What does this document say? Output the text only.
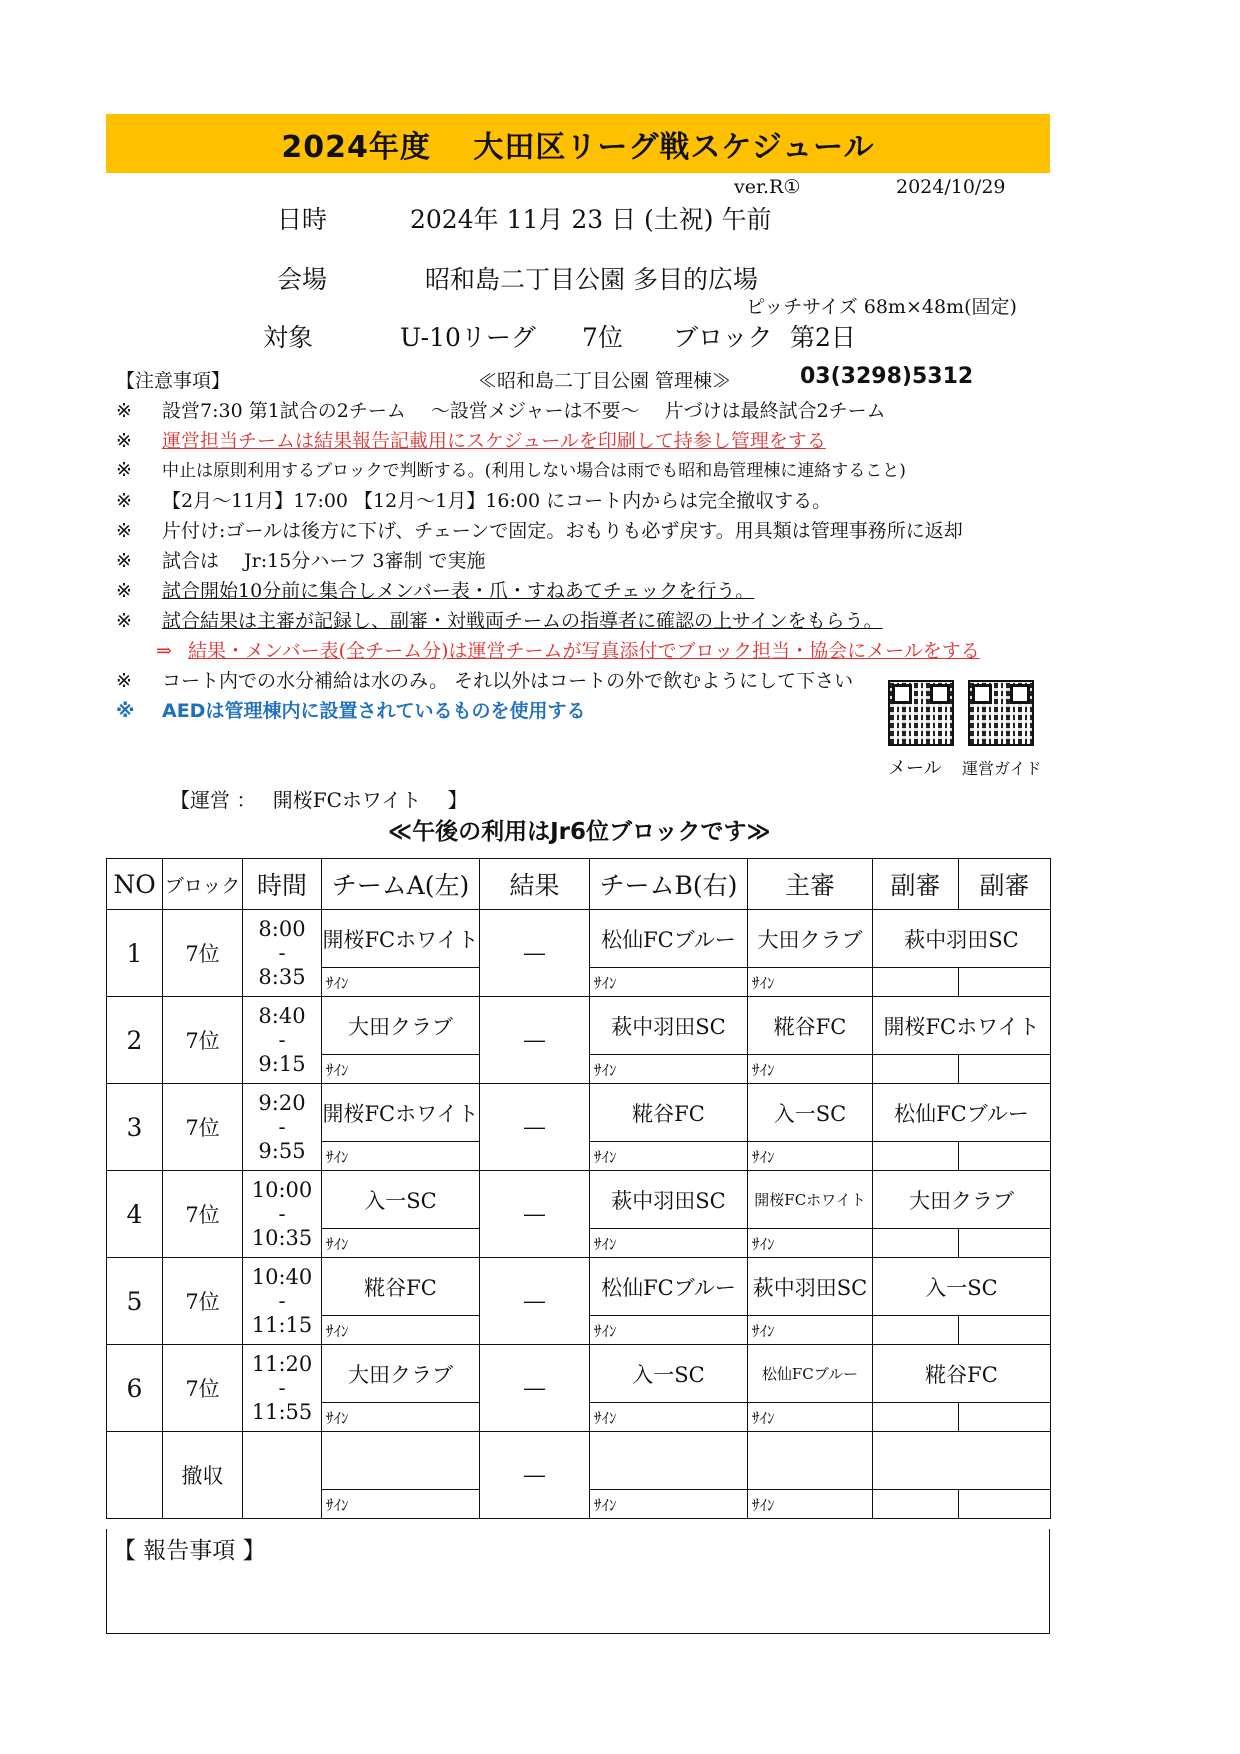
2024年度　 大田区リーグ戦スケジュール
ver.R①	2024/10/29
日時	2024年 11月 23 日 (土祝) 午前
会場	昭和島二丁目公園 多目的広場
ピッチサイズ 68m×48m(固定)
対象	U-10リーグ 7位 ブロック 第2日
【注意事項】	≪昭和島二丁目公園 管理棟≫	03(3298)5312
※ 設営7:30 第1試合の2チーム　 ～設営メジャーは不要～　 片づけは最終試合2チーム
※ 運営担当チームは結果報告記載用にスケジュールを印刷して持参し管理をする
※ 中止は原則利用するブロックで判断する。(利用しない場合は雨でも昭和島管理棟に連絡すること)
※ 【2月～11月】17:00 【12月～1月】16:00 にコート内からは完全撤収する。
※ 片付け:ゴールは後方に下げ、チェーンで固定。おもりも必ず戻す。用具類は管理事務所に返却
※ 試合は　 Jr:15分ハーフ 3審制 で実施
※ 試合開始10分前に集合しメンバー表・爪・すねあてチェックを行う。
※ 試合結果は主審が記録し、副審・対戦両チームの指導者に確認の上サインをもらう。
⇒ 結果・メンバー表(全チーム分)は運営チームが写真添付でブロック担当・協会にメールをする
※ コート内での水分補給は水のみ。 それ以外はコートの外で飲むようにして下さい
※ AEDは管理棟内に設置されているものを使用する
メール 運営ガイド
【運営 ：　 開桜FCホワイト　 】
≪午後の利用はJr6位ブロックです≫
NO	ブロック	時間	チームA(左)	結果	チームB(右)	主審	副審	副審
1	7位	8:00
-
8:35	開桜FCホワイト	―	松仙FCブルー	大田クラブ	萩中羽田SC	
			ｻｲﾝ		ｻｲﾝ	ｻｲﾝ		
2	7位	8:40
-
9:15	大田クラブ	―	萩中羽田SC	糀谷FC	開桜FCホワイト	
			ｻｲﾝ		ｻｲﾝ	ｻｲﾝ		
3	7位	9:20
-
9:55	開桜FCホワイト	―	糀谷FC	入一SC	松仙FCブルー	
			ｻｲﾝ		ｻｲﾝ	ｻｲﾝ		
4	7位	10:00
-
10:35	入一SC	―	萩中羽田SC	開桜FCホワイト	大田クラブ	
			ｻｲﾝ		ｻｲﾝ	ｻｲﾝ		
5	7位	10:40
-
11:15	糀谷FC	―	松仙FCブルー	萩中羽田SC	入一SC	
			ｻｲﾝ		ｻｲﾝ	ｻｲﾝ		
6	7位	11:20
-
11:55	大田クラブ	―	入一SC	松仙FCブルー	糀谷FC	
			ｻｲﾝ		ｻｲﾝ	ｻｲﾝ		
	撤収			―				
			ｻｲﾝ		ｻｲﾝ	ｻｲﾝ		
【 報告事項 】
